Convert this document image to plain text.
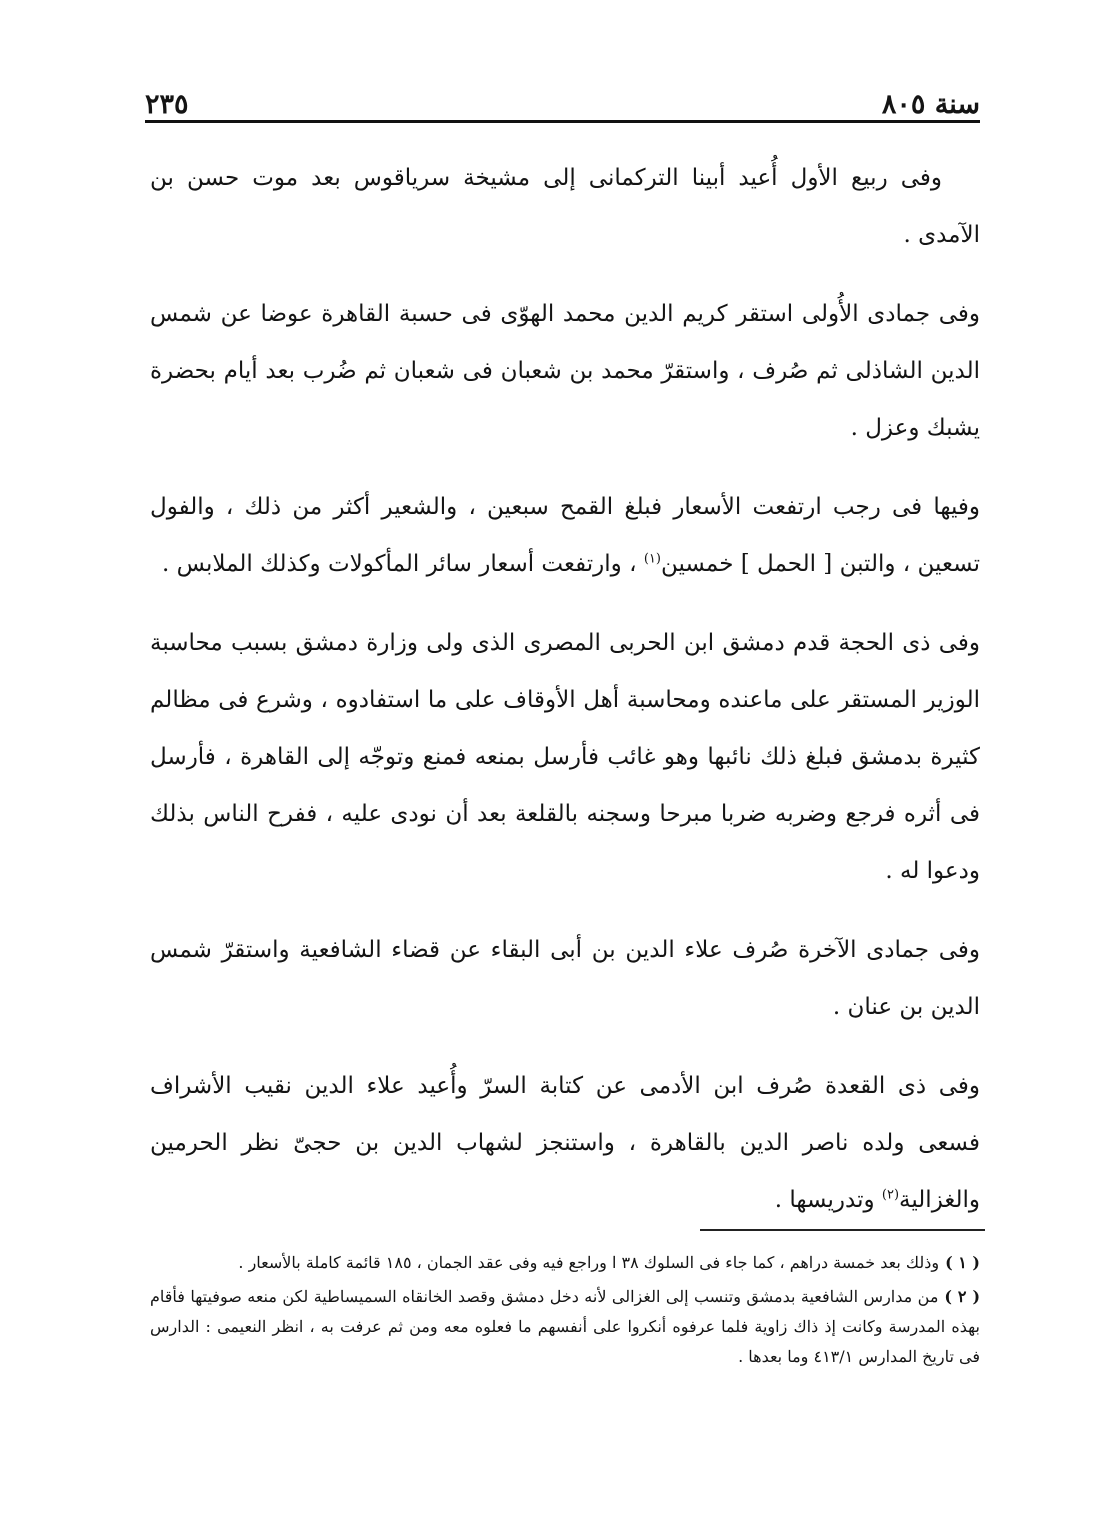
سنة ٨٠٥
٢٣٥

وفى ربيع الأول أُعيد أبينا التركمانى إلى مشيخة سرياقوس بعد موت حسن بن الآمدى .

وفى جمادى الأُولى استقر كريم الدين محمد الهوّى فى حسبة القاهرة عوضا عن شمس الدين الشاذلى ثم صُرف ، واستقرّ محمد بن شعبان فى شعبان ثم ضُرب بعد أيام بحضرة يشبك وعزل .

وفيها فى رجب ارتفعت الأسعار فبلغ القمح سبعين ، والشعير أكثر من ذلك ، والفول تسعين ، والتبن [ الحمل ] خمسين$^{(١)}$ ، وارتفعت أسعار سائر المأكولات وكذلك الملابس .

وفى ذى الحجة قدم دمشق ابن الحربى المصرى الذى ولى وزارة دمشق بسبب محاسبة الوزير المستقر على ماعنده ومحاسبة أهل الأوقاف على ما استفادوه ، وشرع فى مظالم كثيرة بدمشق فبلغ ذلك نائبها وهو غائب فأرسل بمنعه فمنع وتوجّه إلى القاهرة ، فأرسل فى أثره فرجع وضربه ضربا مبرحا وسجنه بالقلعة بعد أن نودى عليه ، ففرح الناس بذلك ودعوا له .

وفى جمادى الآخرة صُرف علاء الدين بن أبى البقاء عن قضاء الشافعية واستقرّ شمس الدين بن عنان .

وفى ذى القعدة صُرف ابن الأدمى عن كتابة السرّ وأُعيد علاء الدين نقيب الأشراف فسعى ولده ناصر الدين بالقاهرة ، واستنجز لشهاب الدين بن حجىّ نظر الحرمين والغزالية$^{(٢)}$ وتدريسها .

( ١ )وذلك بعد خمسة دراهم ، كما جاء فى السلوك ٣٨ ا وراجع فيه وفى عقد الجمان ، ١٨٥ قائمة كاملة بالأسعار .

( ٢ )من مدارس الشافعية بدمشق وتنسب إلى الغزالى لأنه دخل دمشق وقصد الخانقاه السميساطية لكن منعه صوفيتها فأقام بهذه المدرسة وكانت إذ ذاك زاوية فلما عرفوه أنكروا على أنفسهم ما فعلوه معه ومن ثم عرفت به ، انظر النعيمى : الدارس فى تاريخ المدارس ٤١٣/١ وما بعدها .
